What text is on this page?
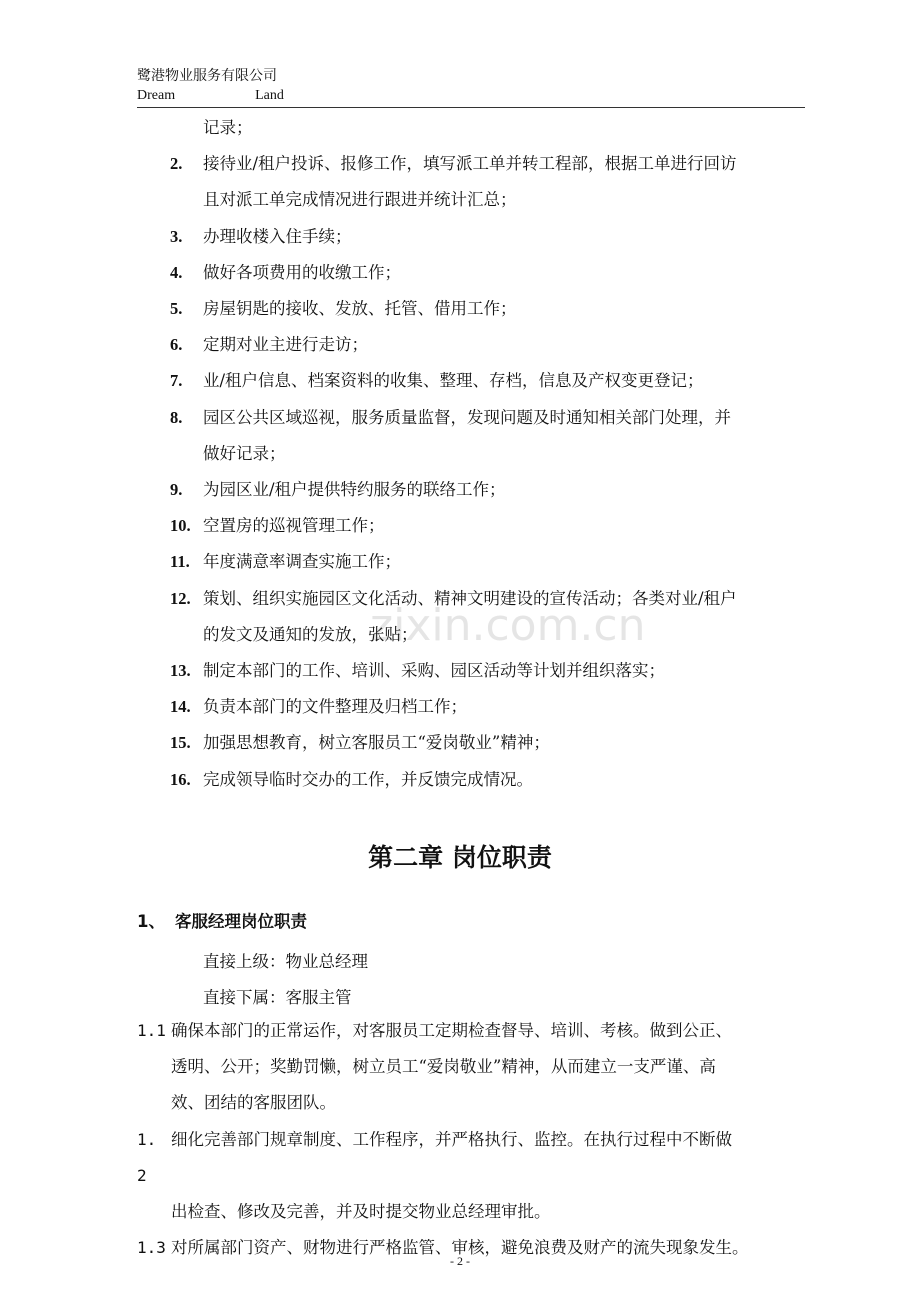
zixin.com.cn
鹭港物业服务有限公司
Dream	Land
记录；
2.	接待业/租户投诉、报修工作，填写派工单并转工程部，根据工单进行回访
且对派工单完成情况进行跟进并统计汇总；
3.	办理收楼入住手续；
4.	做好各项费用的收缴工作；
5.	房屋钥匙的接收、发放、托管、借用工作；
6.	定期对业主进行走访；
7.	业/租户信息、档案资料的收集、整理、存档，信息及产权变更登记；
8.	园区公共区域巡视，服务质量监督，发现问题及时通知相关部门处理，并
做好记录；
9.	为园区业/租户提供特约服务的联络工作；
10. 空置房的巡视管理工作；
11. 年度满意率调查实施工作；
12. 策划、组织实施园区文化活动、精神文明建设的宣传活动；各类对业/租户
的发文及通知的发放，张贴；
13. 制定本部门的工作、培训、采购、园区活动等计划并组织落实；
14. 负责本部门的文件整理及归档工作；
15. 加强思想教育，树立客服员工“爱岗敬业”精神；
16. 完成领导临时交办的工作，并反馈完成情况。
第二章 岗位职责
1、 客服经理岗位职责
直接上级：物业总经理
直接下属：客服主管
1.1 确保本部门的正常运作，对客服员工定期检查督导、培训、考核。做到公正、
透明、公开；奖勤罚懒，树立员工“爱岗敬业”精神，从而建立一支严谨、高
效、团结的客服团队。
1. 2
细化完善部门规章制度、工作程序，并严格执行、监控。在执行过程中不断做
出检查、修改及完善，并及时提交物业总经理审批。
1.3 对所属部门资产、财物进行严格监管、审核，避免浪费及财产的流失现象发生。
- 2 -
